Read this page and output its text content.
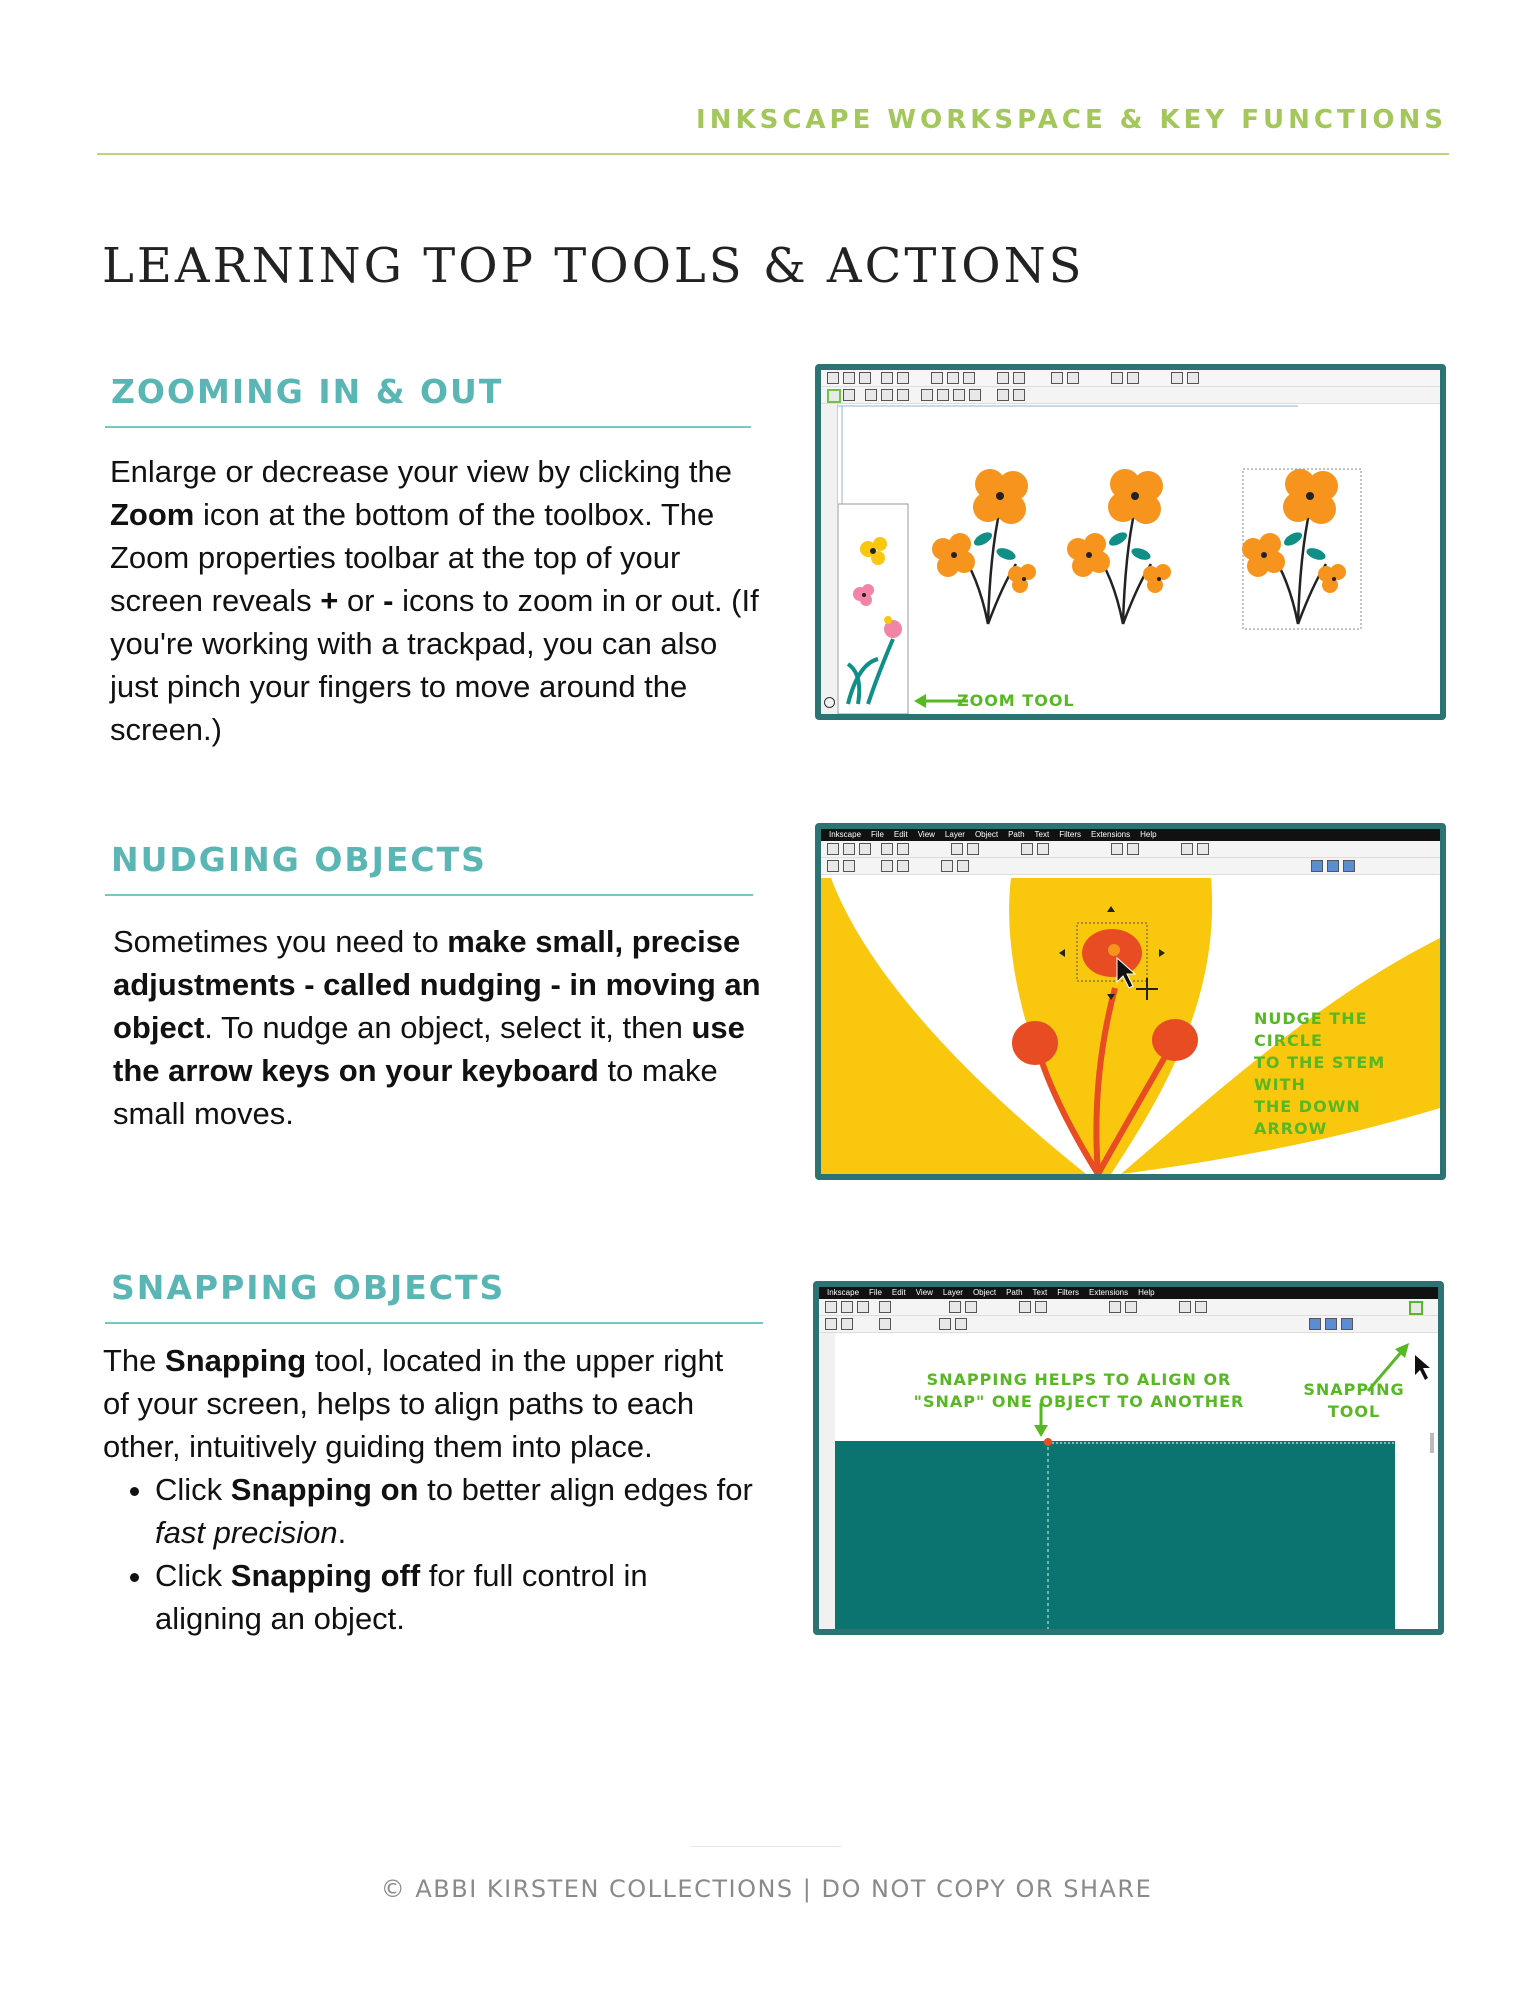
INKSCAPE WORKSPACE & KEY FUNCTIONS
LEARNING TOP TOOLS & ACTIONS
ZOOMING IN & OUT
Enlarge or decrease your view by clicking the Zoom icon at the bottom of the toolbox. The Zoom properties toolbar at the top of your screen reveals + or - icons to zoom in or out. (If you're working with a trackpad, you can also just pinch your fingers to move around the screen.)
ZOOM TOOL
NUDGING OBJECTS
Sometimes you need to make small, precise adjustments - called nudging - in moving an object. To nudge an object, select it, then use the arrow keys on your keyboard to make small moves.
Inkscape File Edit View Layer Object Path Text Filters Extensions Help
NUDGE THE CIRCLE
TO THE STEM WITH
THE DOWN ARROW
SNAPPING OBJECTS
The Snapping tool, located in the upper right of your screen, helps to align paths to each other, intuitively guiding them into place.
• Click Snapping on to better align edges for fast precision.
• Click Snapping off for full control in aligning an object.
Inkscape File Edit View Layer Object Path Text Filters Extensions Help
SNAPPING HELPS TO ALIGN OR
"SNAP" ONE OBJECT TO ANOTHER
SNAPPING
TOOL
© ABBI KIRSTEN COLLECTIONS | DO NOT COPY OR SHARE
